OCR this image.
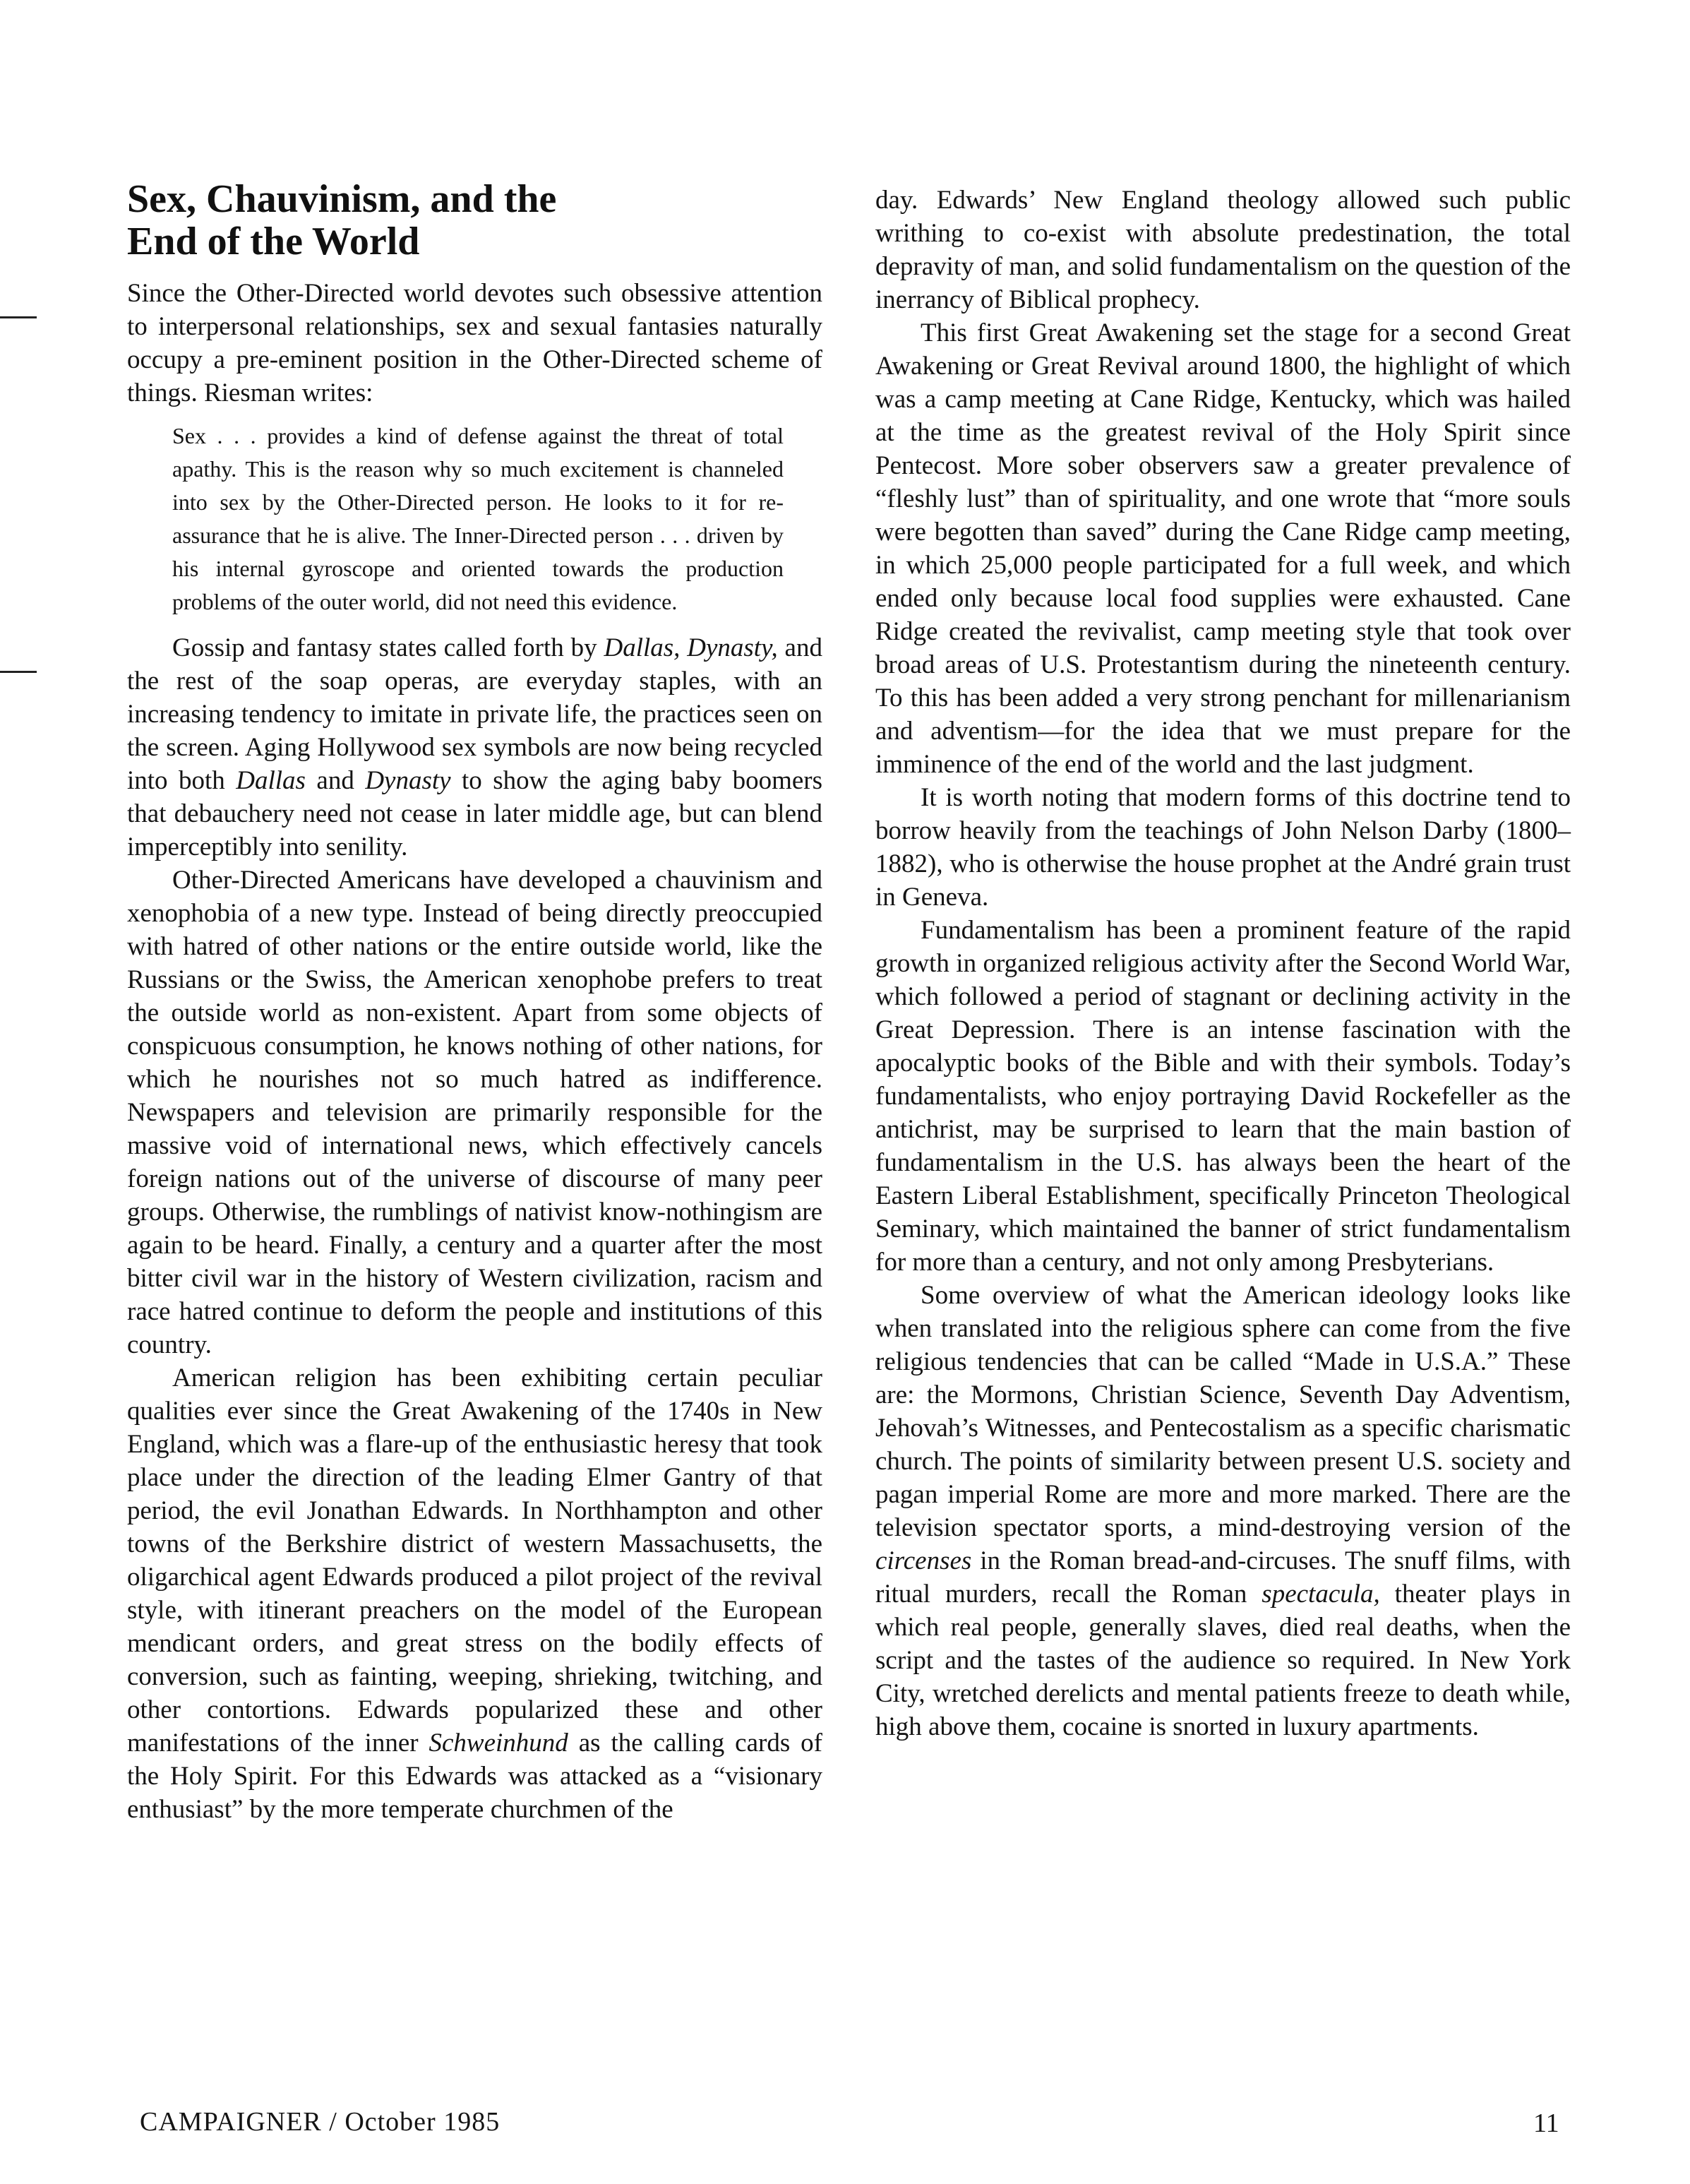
Sex, Chauvinism, and the
End of the World

Since the Other-Directed world devotes such obsessive attention to interpersonal relationships, sex and sexual fantasies naturally occupy a pre-eminent position in the Other-Directed scheme of things. Riesman writes:

Sex . . . provides a kind of defense against the threat of total apathy. This is the reason why so much excitement is channeled into sex by the Other-Directed person. He looks to it for re-assurance that he is alive. The Inner-Directed person . . . driven by his internal gyroscope and oriented towards the production problems of the outer world, did not need this evidence.

Gossip and fantasy states called forth by Dallas, Dynasty, and the rest of the soap operas, are everyday staples, with an increasing tendency to imitate in private life, the practices seen on the screen. Aging Hollywood sex symbols are now being recycled into both Dallas and Dynasty to show the aging baby boomers that debauchery need not cease in later middle age, but can blend imperceptibly into senility.

Other-Directed Americans have developed a chauvinism and xenophobia of a new type. Instead of being directly preoccupied with hatred of other nations or the entire outside world, like the Russians or the Swiss, the American xenophobe prefers to treat the outside world as non-existent. Apart from some objects of conspicuous consumption, he knows nothing of other nations, for which he nourishes not so much hatred as indifference. Newspapers and television are primarily responsible for the massive void of international news, which effectively cancels foreign nations out of the universe of discourse of many peer groups. Otherwise, the rumblings of nativist know-nothingism are again to be heard. Finally, a century and a quarter after the most bitter civil war in the history of Western civilization, racism and race hatred continue to deform the people and institutions of this country.

American religion has been exhibiting certain peculiar qualities ever since the Great Awakening of the 1740s in New England, which was a flare-up of the enthusiastic heresy that took place under the direction of the leading Elmer Gantry of that period, the evil Jonathan Edwards. In Northhampton and other towns of the Berkshire district of western Massachusetts, the oligarchical agent Edwards produced a pilot project of the revival style, with itinerant preachers on the model of the European mendicant orders, and great stress on the bodily effects of conversion, such as fainting, weeping, shrieking, twitching, and other contortions. Edwards popularized these and other manifestations of the inner Schweinhund as the calling cards of the Holy Spirit. For this Edwards was attacked as a “visionary enthusiast” by the more temperate churchmen of the

day. Edwards’ New England theology allowed such public writhing to co-exist with absolute predestination, the total depravity of man, and solid fundamentalism on the question of the inerrancy of Biblical prophecy.

This first Great Awakening set the stage for a second Great Awakening or Great Revival around 1800, the highlight of which was a camp meeting at Cane Ridge, Kentucky, which was hailed at the time as the greatest revival of the Holy Spirit since Pentecost. More sober observers saw a greater prevalence of “fleshly lust” than of spirituality, and one wrote that “more souls were begotten than saved” during the Cane Ridge camp meeting, in which 25,000 people participated for a full week, and which ended only because local food supplies were exhausted. Cane Ridge created the revivalist, camp meeting style that took over broad areas of U.S. Protestantism during the nineteenth century. To this has been added a very strong penchant for millenarianism and adventism—for the idea that we must prepare for the imminence of the end of the world and the last judgment.

It is worth noting that modern forms of this doctrine tend to borrow heavily from the teachings of John Nelson Darby (1800–1882), who is otherwise the house prophet at the André grain trust in Geneva.

Fundamentalism has been a prominent feature of the rapid growth in organized religious activity after the Second World War, which followed a period of stagnant or declining activity in the Great Depression. There is an intense fascination with the apocalyptic books of the Bible and with their symbols. Today’s fundamentalists, who enjoy portraying David Rockefeller as the antichrist, may be surprised to learn that the main bastion of fundamentalism in the U.S. has always been the heart of the Eastern Liberal Establishment, specifically Princeton Theological Seminary, which maintained the banner of strict fundamentalism for more than a century, and not only among Presbyterians.

Some overview of what the American ideology looks like when translated into the religious sphere can come from the five religious tendencies that can be called “Made in U.S.A.” These are: the Mormons, Christian Science, Seventh Day Adventism, Jehovah’s Witnesses, and Pentecostalism as a specific charismatic church. The points of similarity between present U.S. society and pagan imperial Rome are more and more marked. There are the television spectator sports, a mind-destroying version of the circenses in the Roman bread-and-circuses. The snuff films, with ritual murders, recall the Roman spectacula, theater plays in which real people, generally slaves, died real deaths, when the script and the tastes of the audience so required. In New York City, wretched derelicts and mental patients freeze to death while, high above them, cocaine is snorted in luxury apartments.

CAMPAIGNER / October 1985	11
